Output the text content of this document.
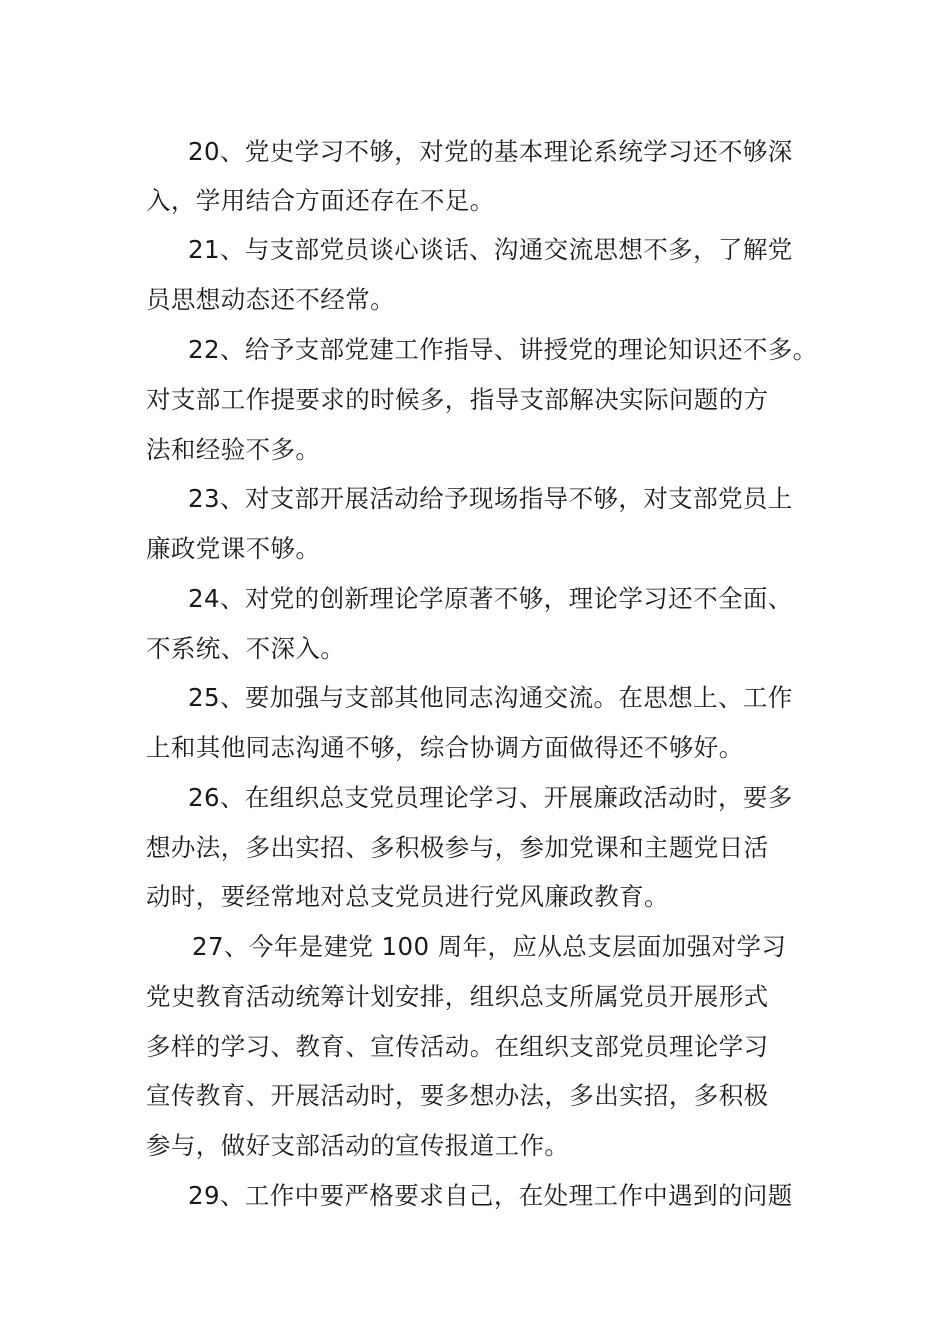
20、党史学习不够，对党的基本理论系统学习还不够深
入，学用结合方面还存在不足。
21、与支部党员谈心谈话、沟通交流思想不多，了解党
员思想动态还不经常。
22、给予支部党建工作指导、讲授党的理论知识还不多。
对支部工作提要求的时候多，指导支部解决实际问题的方
法和经验不多。
23、对支部开展活动给予现场指导不够，对支部党员上
廉政党课不够。
24、对党的创新理论学原著不够，理论学习还不全面、
不系统、不深入。
25、要加强与支部其他同志沟通交流。在思想上、工作
上和其他同志沟通不够，综合协调方面做得还不够好。
26、在组织总支党员理论学习、开展廉政活动时，要多
想办法，多出实招、多积极参与，参加党课和主题党日活
动时，要经常地对总支党员进行党风廉政教育。
27、今年是建党 100 周年，应从总支层面加强对学习
党史教育活动统筹计划安排，组织总支所属党员开展形式
多样的学习、教育、宣传活动。在组织支部党员理论学习
宣传教育、开展活动时，要多想办法，多出实招，多积极
参与，做好支部活动的宣传报道工作。
29、工作中要严格要求自己，在处理工作中遇到的问题
